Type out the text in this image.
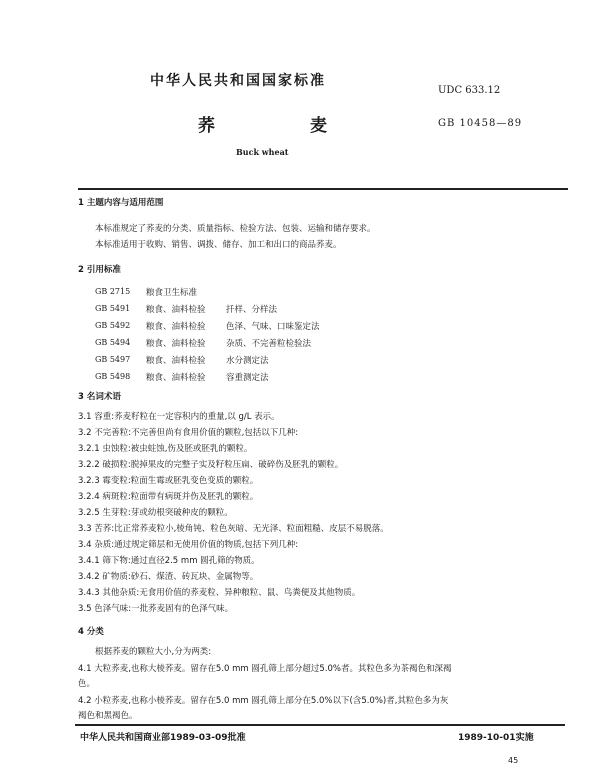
中华人民共和国国家标准
UDC 633.12
荞麦 GB 10458—89
Buck wheat
1 主题内容与适用范围
本标准规定了荞麦的分类、质量指标、检验方法、包装、运输和储存要求。
本标准适用于收购、销售、调拨、储存、加工和出口的商品荞麦。
2 引用标准
GB 2715 粮食卫生标准
GB 5491 粮食、油料检验 扦样、分样法
GB 5492 粮食、油料检验 色泽、气味、口味鉴定法
GB 5494 粮食、油料检验 杂质、不完善粒检验法
GB 5497 粮食、油料检验 水分测定法
GB 5498 粮食、油料检验 容重测定法
3 名词术语
3.1 容重:荞麦籽粒在一定容积内的重量,以 g/L 表示。
3.2 不完善粒:不完善但尚有食用价值的颗粒,包括以下几种:
3.2.1 虫蚀粒:被虫蛀蚀,伤及胚或胚乳的颗粒。
3.2.2 破损粒:脱掉果皮的完整子实及籽粒压扁、破碎伤及胚乳的颗粒。
3.2.3 霉变粒:粒面生霉或胚乳变色变质的颗粒。
3.2.4 病斑粒:粒面带有病斑并伤及胚乳的颗粒。
3.2.5 生芽粒:芽或幼根突破种皮的颗粒。
3.3 苦荞:比正常荞麦粒小,棱角钝、粒色灰暗、无光泽、粒面粗糙、皮层不易脱落。
3.4 杂质:通过规定筛层和无使用价值的物质,包括下列几种:
3.4.1 筛下物:通过直径2.5 mm 圆孔筛的物质。
3.4.2 矿物质:砂石、煤渣、砖瓦块、金属物等。
3.4.3 其他杂质:无食用价值的荞麦粒、异种粮粒、鼠、鸟粪便及其他物质。
3.5 色泽气味:一批荞麦固有的色泽气味。
4 分类
根据荞麦的颗粒大小,分为两类:
4.1 大粒荞麦,也称大棱荞麦。留存在5.0 mm 圆孔筛上部分超过5.0%者。其粒色多为茶褐色和深褐
色。
4.2 小粒荞麦,也称小棱荞麦。留存在5.0 mm 圆孔筛上部分在5.0%以下(含5.0%)者,其粒色多为灰
褐色和黑褐色。
中华人民共和国商业部1989-03-09批准	1989-10-01实施
45
